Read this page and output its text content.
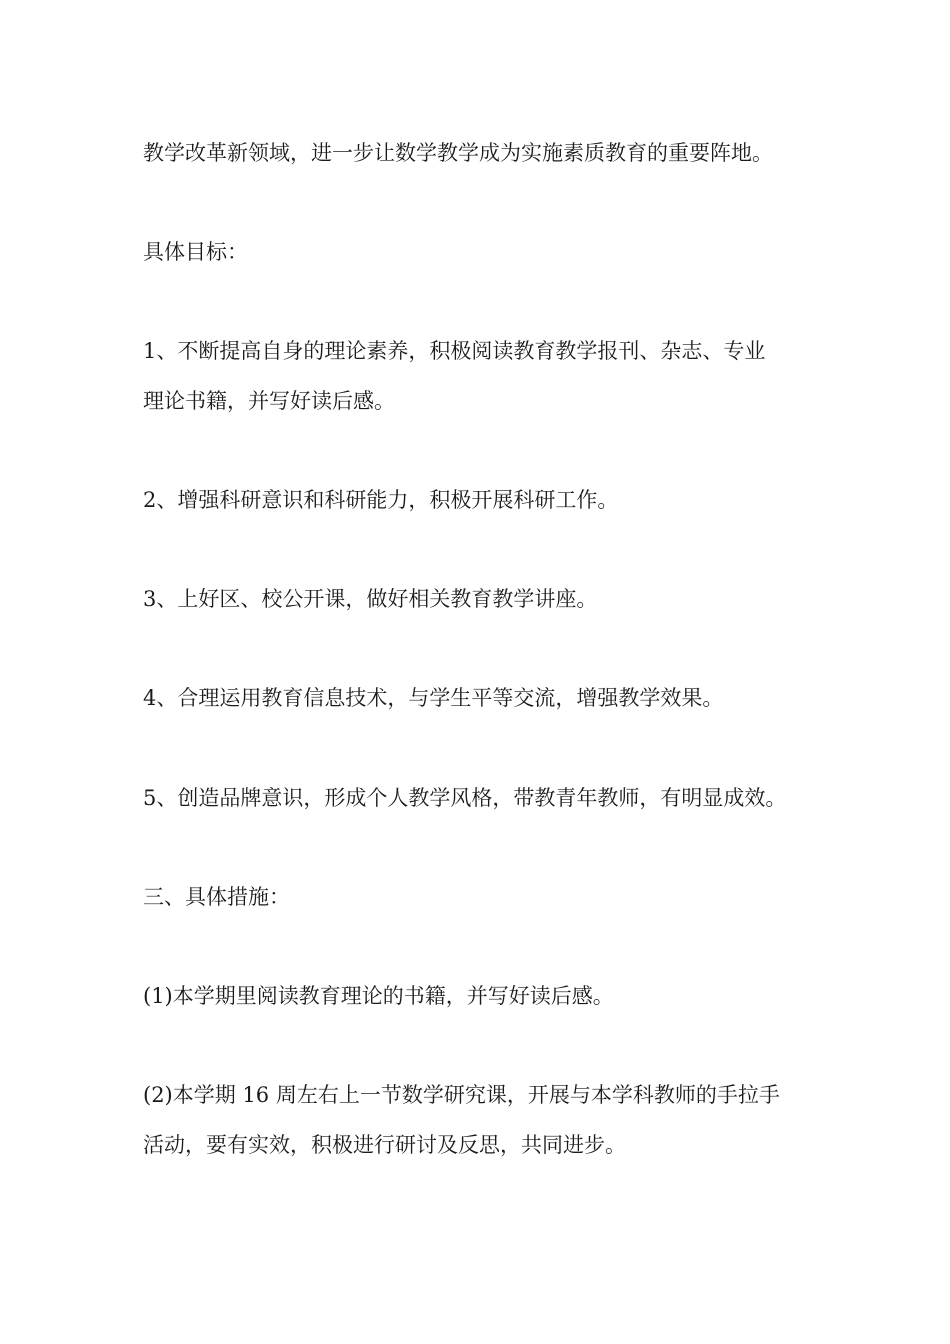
教学改革新领域，进一步让数学教学成为实施素质教育的重要阵地。

具体目标：

1、不断提高自身的理论素养，积极阅读教育教学报刊、杂志、专业

理论书籍，并写好读后感。

2、增强科研意识和科研能力，积极开展科研工作。

3、上好区、校公开课，做好相关教育教学讲座。

4、合理运用教育信息技术，与学生平等交流，增强教学效果。

5、创造品牌意识，形成个人教学风格，带教青年教师，有明显成效。

三、具体措施：

(1)本学期里阅读教育理论的书籍，并写好读后感。

(2)本学期 16 周左右上一节数学研究课，开展与本学科教师的手拉手

活动，要有实效，积极进行研讨及反思，共同进步。
